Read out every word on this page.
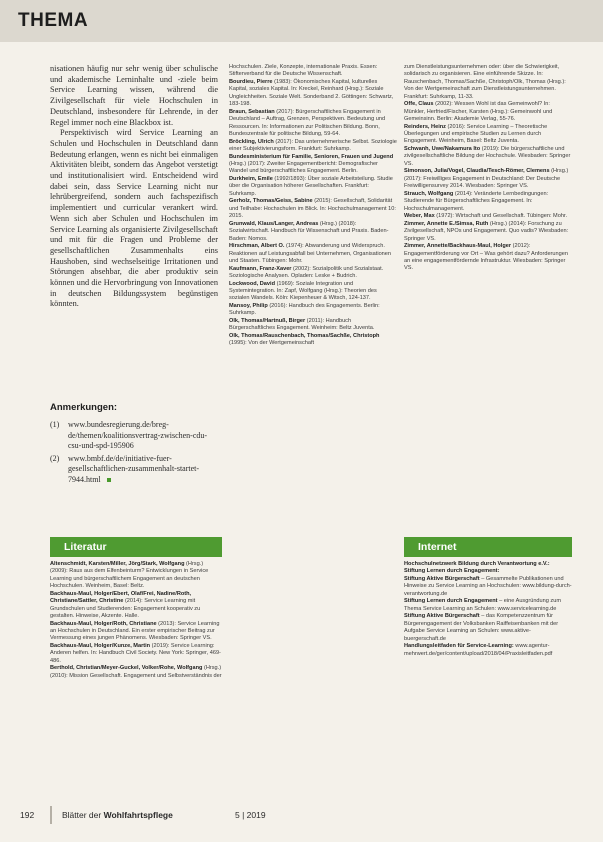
THEMA

nisationen häufig nur sehr wenig über schulische und akademische Lerninhalte und -ziele beim Service Learning wissen, während die Zivilgesellschaft für viele Hochschulen in Deutschland, insbesondere für Lehrende, in der Regel immer noch eine Blackbox ist.

Perspektivisch wird Service Learning an Schulen und Hochschulen in Deutschland dann Bedeutung erlangen, wenn es nicht bei einmaligen Aktivitäten bleibt, sondern das Angebot verstetigt und institutionalisiert wird. Entscheidend wird dabei sein, dass Service Learning nicht nur lehrübergreifend, sondern auch fachspezifisch implementiert und curricular verankert wird. Wenn sich aber Schulen und Hochschulen im Service Learning als organisierte Zivilgesellschaft und mit für die Fragen und Probleme der gesellschaftlichen Zusammenhalts eins Haushoben, sind wechselseitige Irritationen und Störungen absehbar, die aber produktiv sein können und die Hervorbringung von Innovationen in deutschen Bildungssystem begünstigen könnten.

Anmerkungen:
(1)	www.bundesregierung.de/breg-de/themen/koalitionsvertrag-zwischen-cdu-csu-und-spd-195906
(2)	www.bmbf.de/de/initiative-fuer-gesellschaftlichen-zusammenhalt-startet-7944.html
Literatur	Internet

Altenschmidt, Karsten/Miller, Jörg/Stark, Wolfgang (Hrsg.) (2009): Raus aus dem Elfenbeinturm? Entwicklungen in Service Learning und bürgerschaftlichem Engagement an deutschen Hochschulen. Weinheim, Basel: Beltz.

Backhaus-Maul, Holger/Ebert, Olaf/Frei, Nadine/Roth, Christiane/Sattler, Christine (2014): Service Learning mit Grundschulen und Studierenden: Engagement kooperativ zu gestalten. Hinweise, Akzente. Halle.

Backhaus-Maul, Holger/Roth, Christiane (2013): Service Learning an Hochschulen in Deutschland. Ein erster empirischer Beitrag zur Vermessung eines jungen Phänomens. Wiesbaden: Springer VS.

Backhaus-Maul, Holger/Kunze, Martin (2019): Service Learning: Anderen helfen. In: Handbuch Civil Society. New York: Springer, 469-486.

Berthold, Christian/Meyer-Guckel, Volker/Rohe, Wolfgang (Hrsg.) (2010): Mission Gesellschaft. Engagement und Selbstverständnis der

Hochschulen. Ziele, Konzepte, internationale Praxis. Essen: Stifterverband für die Deutsche Wissenschaft.

Bourdieu, Pierre (1983): Ökonomisches Kapital, kulturelles Kapital, soziales Kapital. In: Kreckel, Reinhard (Hrsg.): Soziale Ungleichheiten. Soziale Welt. Sonderband 2. Göttingen: Schwartz, 183-198.

Braun, Sebastian (2017): Bürgerschaftliches Engagement in Deutschland – Auftrag, Grenzen, Perspektiven. Bedeutung und Ressourcen. In: Informationen zur Politischen Bildung. Bonn, Bundeszentrale für politische Bildung, 59-64.

Bröckling, Ulrich (2017): Das unternehmerische Selbst. Soziologie einer Subjektivierungsform. Frankfurt: Suhrkamp.

Bundesministerium für Familie, Senioren, Frauen und Jugend (Hrsg.) (2017): Zweiter Engagementbericht: Demografischer Wandel und bürgerschaftliches Engagement. Berlin.

Durkheim, Emile (1992/1893): Über soziale Arbeitsteilung. Studie über die Organisation höherer Gesellschaften. Frankfurt: Suhrkamp.

Gerholz, Thomas/Geiss, Sabine (2015): Gesellschaft, Solidarität und Teilhabe: Hochschulen im Blick. In: Hochschulmanagement 10: 2015.

Grunwald, Klaus/Langer, Andreas (Hrsg.) (2018): Sozialwirtschaft. Handbuch für Wissenschaft und Praxis. Baden-Baden: Nomos.

Hirschman, Albert O. (1974): Abwanderung und Widerspruch. Reaktionen auf Leistungsabfall bei Unternehmen, Organisationen und Staaten. Tübingen: Mohr.

Kaufmann, Franz-Xaver (2002): Sozialpolitik und Sozialstaat. Soziologische Analysen. Opladen: Leske + Budrich.

Lockwood, David (1969): Soziale Integration und Systemintegration. In: Zapf, Wolfgang (Hrsg.): Theorien des sozialen Wandels. Köln: Kiepenheuer & Witsch, 124-137.

Mansoy, Philip (2016): Handbuch des Engagements. Berlin: Suhrkamp.

Olk, Thomas/Hartnuß, Birger (2011): Handbuch Bürgerschaftliches Engagement. Weinheim: Beltz Juventa.

Olk, Thomas/Rauschenbach, Thomas/Sachße, Christoph (1995): Von der Wertgemeinschaft

zum Dienstleistungsunternehmen oder: über die Schwierigkeit, solidarisch zu organisieren. Eine einführende Skizze. In: Rauschenbach, Thomas/Sachße, Christoph/Olk, Thomas (Hrsg.): Von der Wertgemeinschaft zum Dienstleistungsunternehmen. Frankfurt: Suhrkamp, 11-33.

Offe, Claus (2002): Wessen Wohl ist das Gemeinwohl? In: Münkler, Herfried/Fischer, Karsten (Hrsg.): Gemeinwohl und Gemeinsinn. Berlin: Akademie Verlag, 55-76.

Reinders, Heinz (2016): Service Learning – Theoretische Überlegungen und empirische Studien zu Lernen durch Engagement. Weinheim, Basel: Beltz Juventa.

Schwanh, Uwe/Nakamura Ito (2019): Die bürgerschaftliche und zivilgesellschaftliche Bildung der Hochschule. Wiesbaden: Springer VS.

Simonson, Julia/Vogel, Claudia/Tesch-Römer, Clemens (Hrsg.) (2017): Freiwilliges Engagement in Deutschland: Der Deutsche Freiwilligensurvey 2014. Wiesbaden: Springer VS.

Strauch, Wolfgang (2014): Veränderte Lernbedingungen: Studierende für Bürgerschaftliches Engagement. In: Hochschulmanagement.

Weber, Max (1972): Wirtschaft und Gesellschaft. Tübingen: Mohr.

Zimmer, Annette E./Simsa, Ruth (Hrsg.) (2014): Forschung zu Zivilgesellschaft, NPOs und Engagement. Quo vadis? Wiesbaden: Springer VS.

Zimmer, Annette/Backhaus-Maul, Holger (2012): Engagementförderung vor Ort – Was gehört dazu? Anforderungen an eine engagementfördernde Infrastruktur. Wiesbaden: Springer VS.

Hochschulnetzwerk Bildung durch Verantwortung e.V.: Stiftung Lernen durch Engagement:

Stiftung Aktive Bürgerschaft – Gesammelte Publikationen und Hinweise zu Service Learning an Hochschulen: www.bildung-durch-verantwortung.de

Stiftung Lernen durch Engagement – eine Ausgründung zum Thema Service Learning an Schulen: www.servicelearning.de

Stiftung Aktive Bürgerschaft – das Kompetenzzentrum für Bürgerengagement der Volksbanken Raiffeisenbanken mit der Aufgabe Service Learning an Schulen: www.aktive-buergerschaft.de

Handlungsleitfaden für Service-Learning: www.agentur-mehrwert.de/ger/content/upload/2018/04/Praxisleitfaden.pdf

192	Blätter der Wohlfahrtspflege	5 | 2019
